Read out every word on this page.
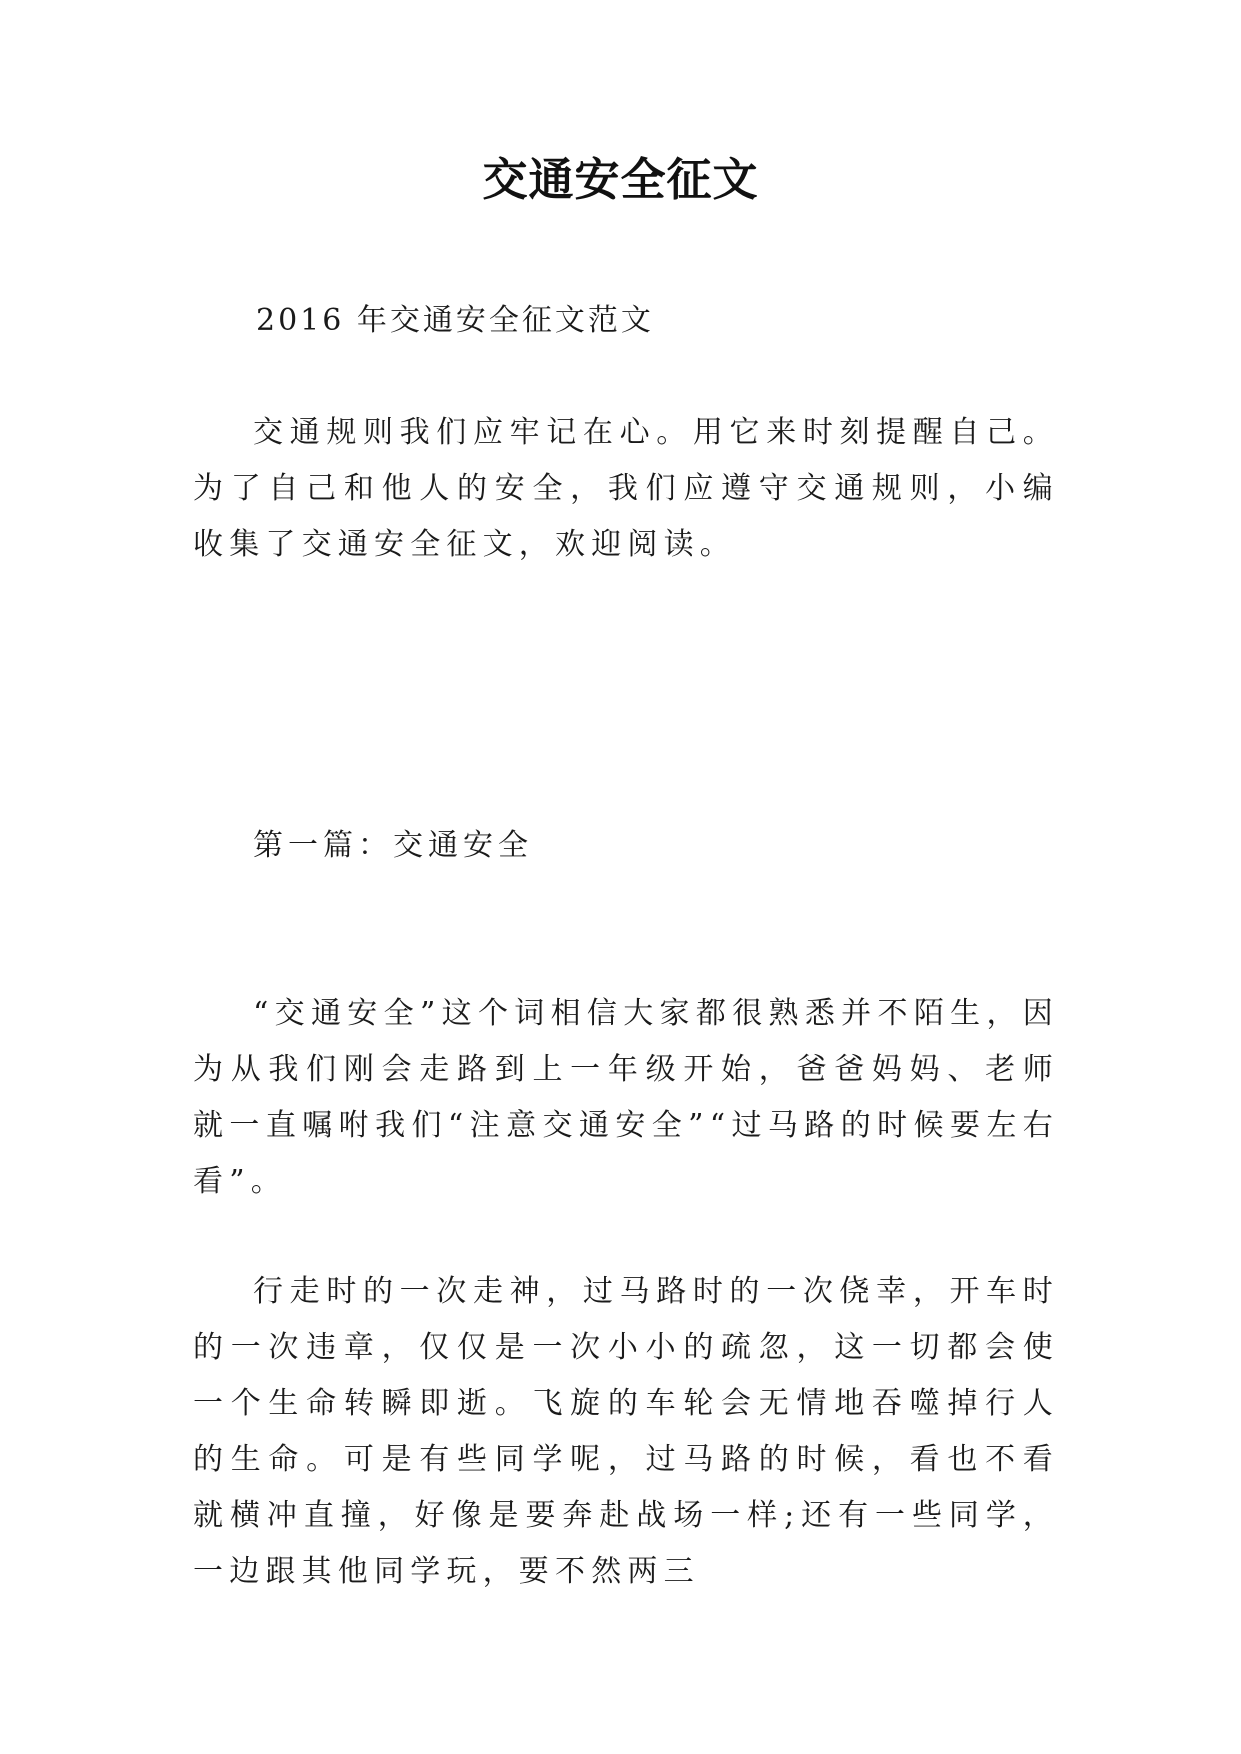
交通安全征文
2016 年交通安全征文范文

交通规则我们应牢记在心。用它来时刻提醒自己。为了自己和他人的安全，我们应遵守交通规则，小编收集了交通安全征文，欢迎阅读。

第一篇：交通安全

“交通安全”这个词相信大家都很熟悉并不陌生，因为从我们刚会走路到上一年级开始，爸爸妈妈、老师就一直嘱咐我们“注意交通安全”“过马路的时候要左右看”。

行走时的一次走神，过马路时的一次侥幸，开车时的一次违章，仅仅是一次小小的疏忽，这一切都会使一个生命转瞬即逝。飞旋的车轮会无情地吞噬掉行人的生命。可是有些同学呢，过马路的时候，看也不看就横冲直撞，好像是要奔赴战场一样;还有一些同学，一边跟其他同学玩，要不然两三
